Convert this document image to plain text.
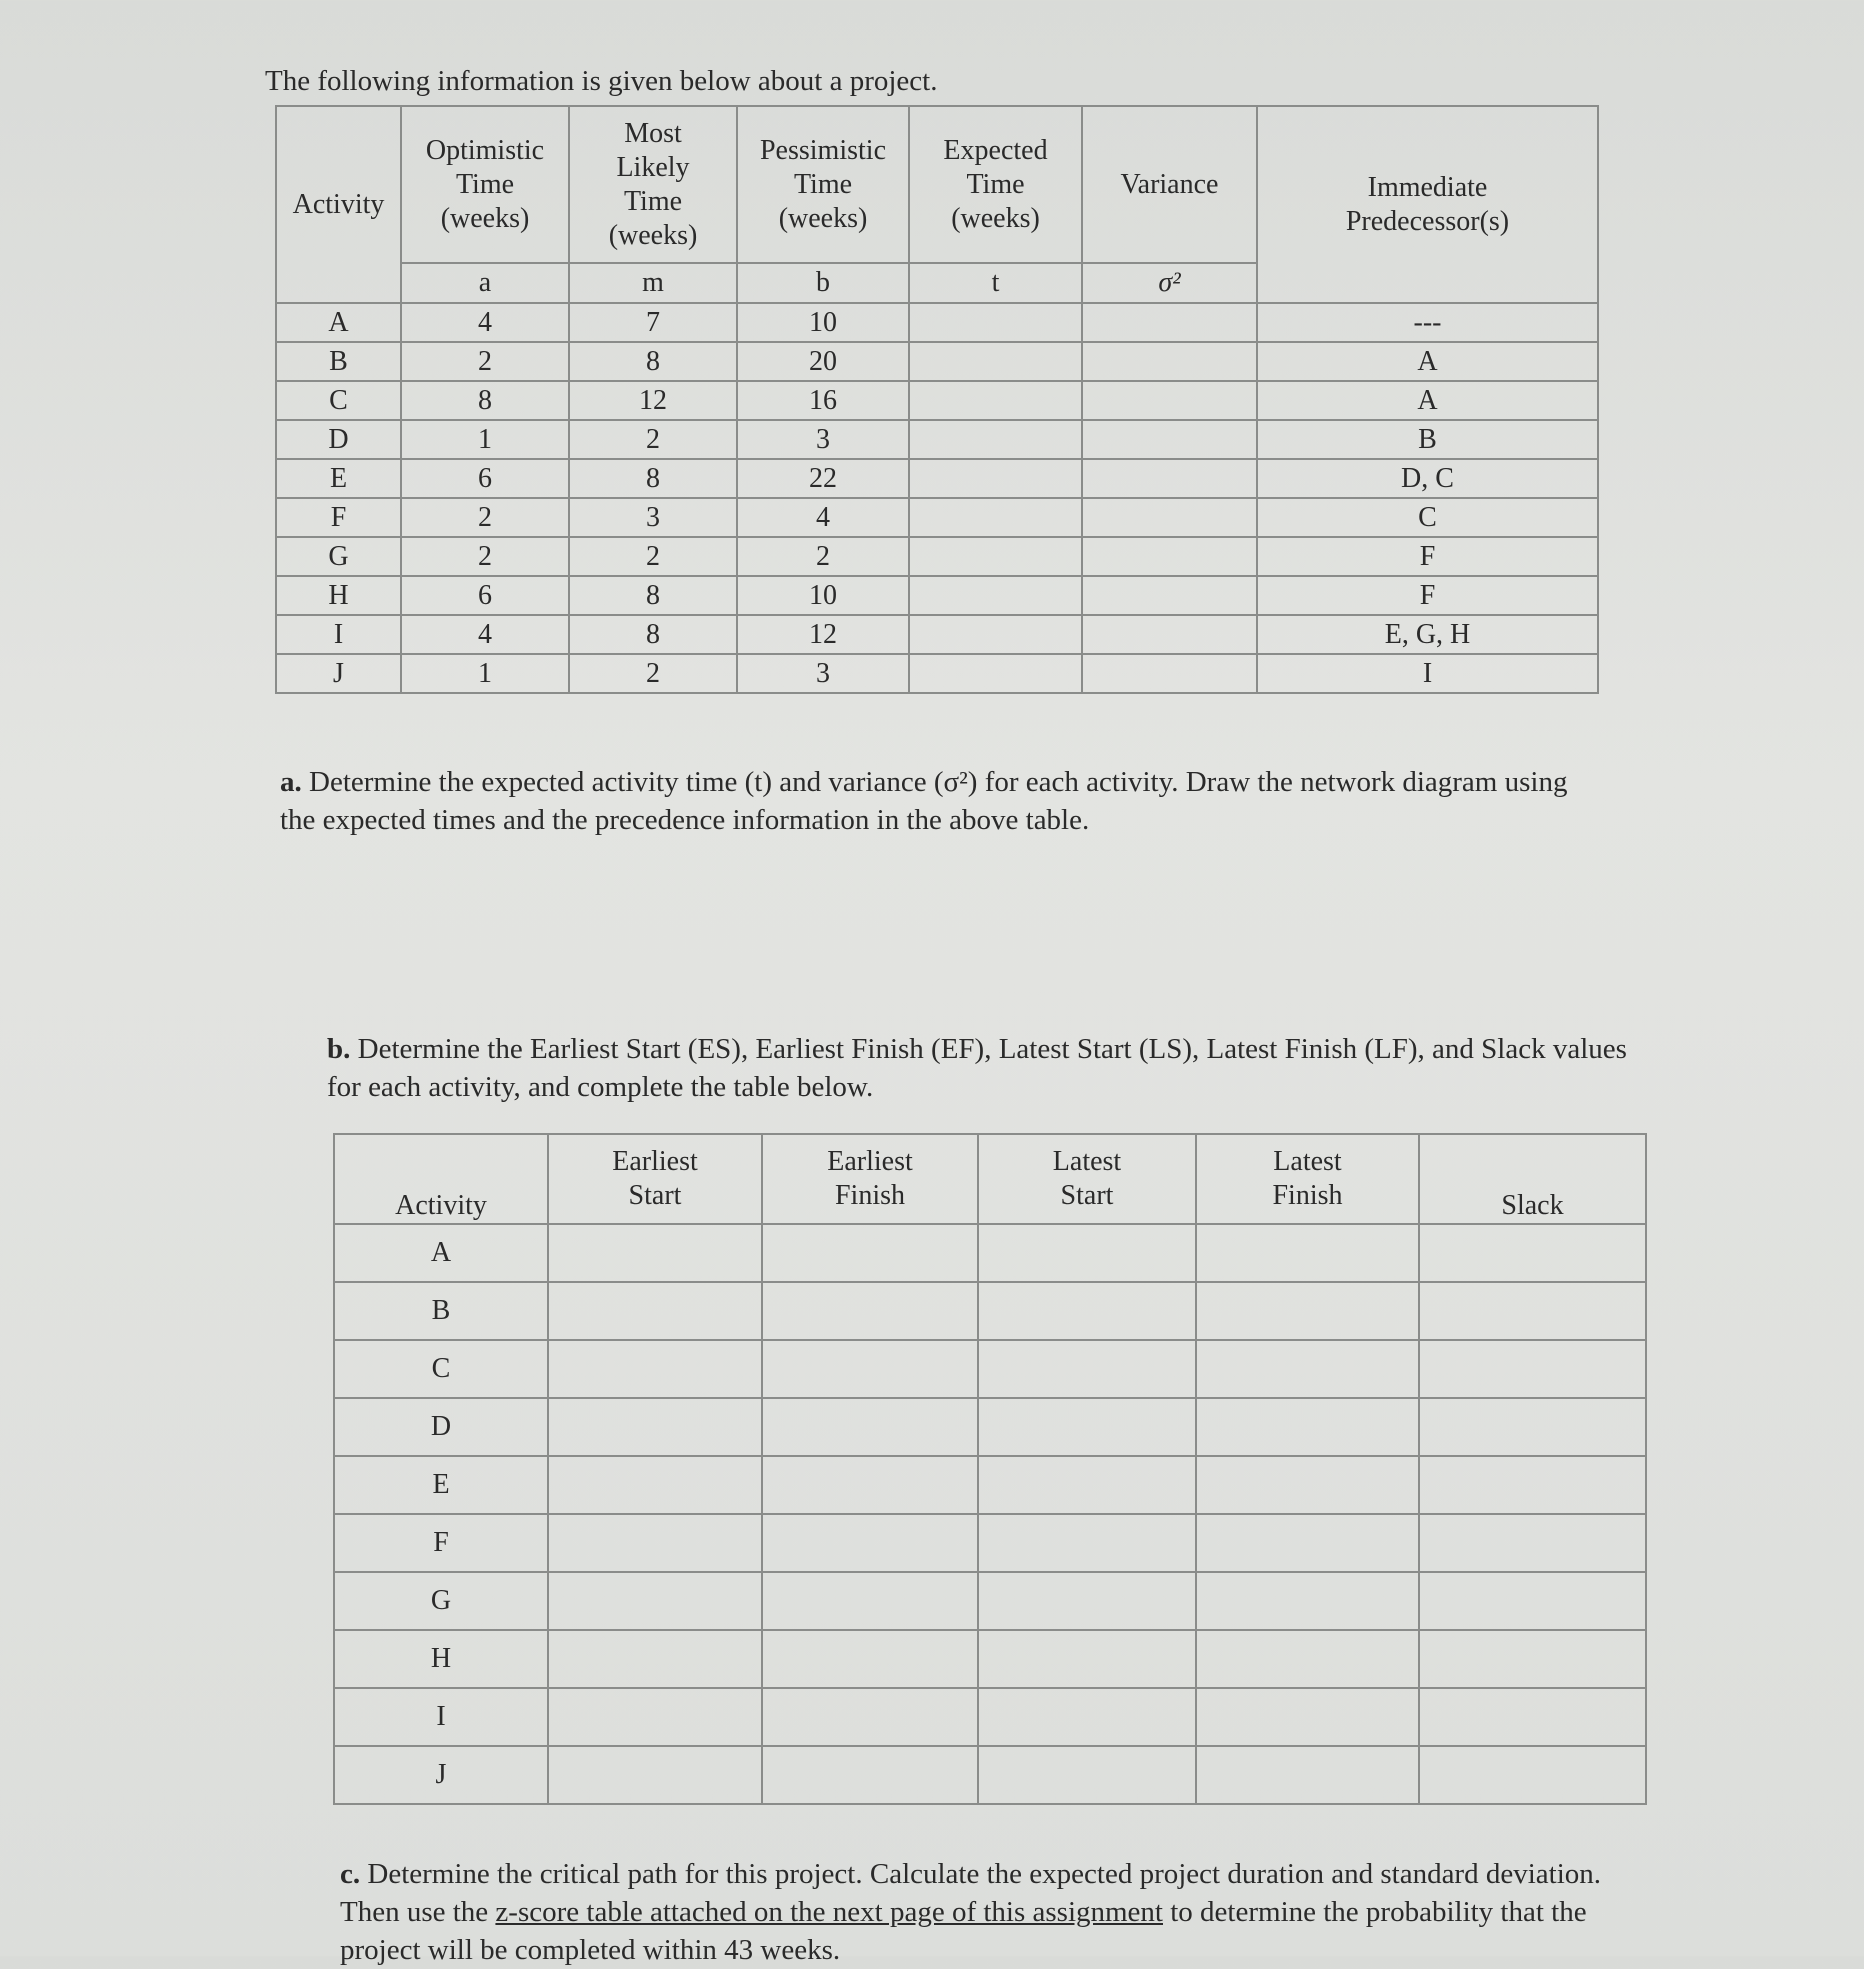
The following information is given below about a project.
Activity	Optimistic
Time
(weeks)	Most
Likely
Time
(weeks)	Pessimistic
Time
(weeks)	Expected
Time
(weeks)	Variance	Immediate
Predecessor(s)
	a	m	b	t	σ²	
A	4	7	10			---
B	2	8	20			A
C	8	12	16			A
D	1	2	3			B
E	6	8	22			D, C
F	2	3	4			C
G	2	2	2			F
H	6	8	10			F
I	4	8	12			E, G, H
J	1	2	3			I
a. Determine the expected activity time (t) and variance (σ²) for each activity. Draw the network diagram using the expected times and the precedence information in the above table.
b. Determine the Earliest Start (ES), Earliest Finish (EF), Latest Start (LS), Latest Finish (LF), and Slack values for each activity, and complete the table below.
Activity	Earliest
Start	Earliest
Finish	Latest
Start	Latest
Finish	Slack
A					
B					
C					
D					
E					
F					
G					
H					
I					
J					
c. Determine the critical path for this project. Calculate the expected project duration and standard deviation. Then use the z-score table attached on the next page of this assignment to determine the probability that the project will be completed within 43 weeks.
